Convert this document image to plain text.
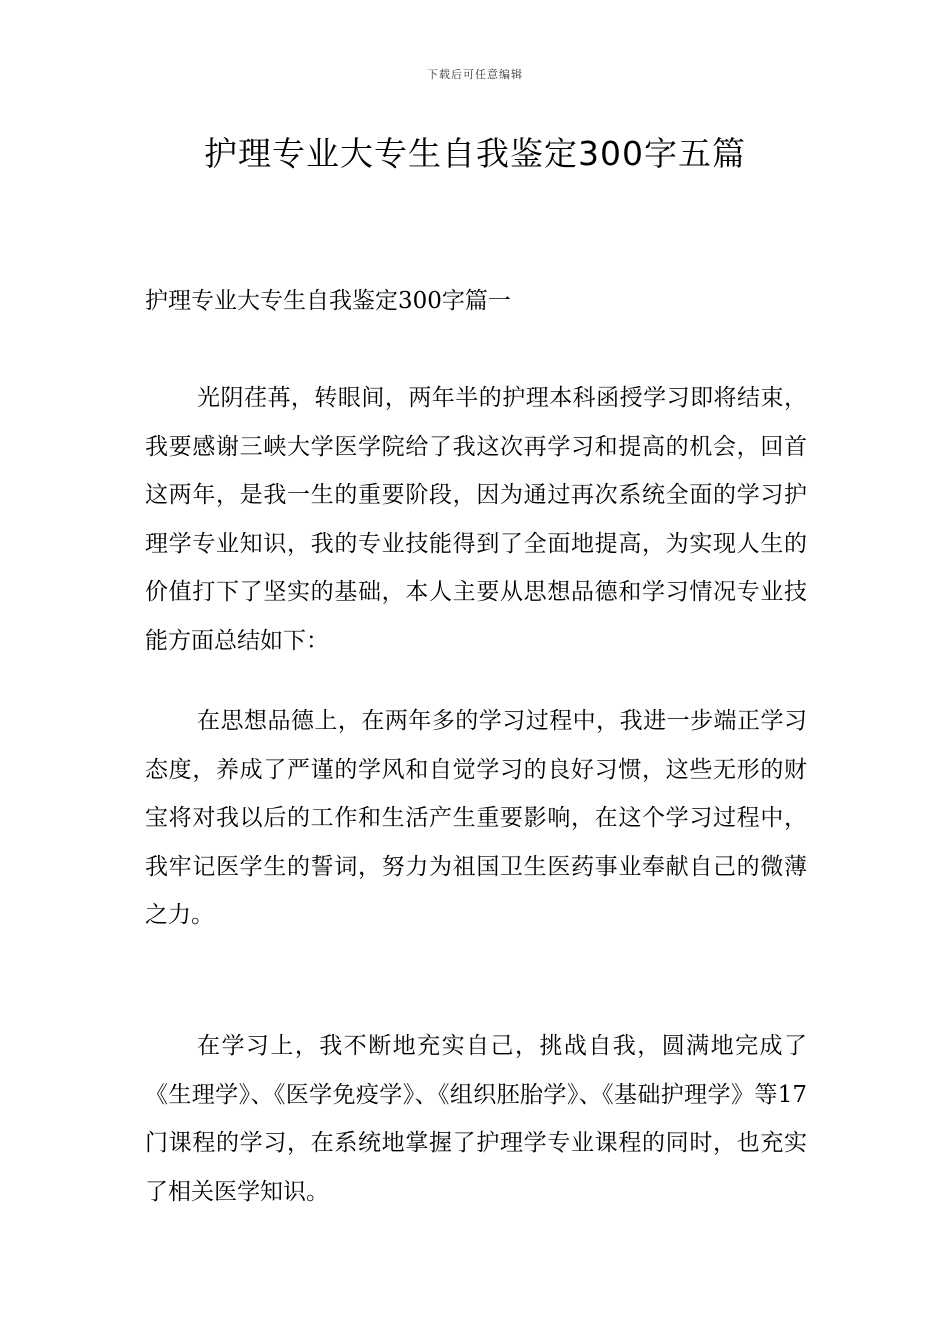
下载后可任意编辑
护理专业大专生自我鉴定300字五篇
护理专业大专生自我鉴定300字篇一

光阴荏苒，转眼间，两年半的护理本科函授学习即将结束，我要感谢三峡大学医学院给了我这次再学习和提高的机会，回首这两年，是我一生的重要阶段，因为通过再次系统全面的学习护理学专业知识，我的专业技能得到了全面地提高，为实现人生的价值打下了坚实的基础，本人主要从思想品德和学习情况专业技能方面总结如下：

在思想品德上，在两年多的学习过程中，我进一步端正学习态度，养成了严谨的学风和自觉学习的良好习惯，这些无形的财宝将对我以后的工作和生活产生重要影响，在这个学习过程中，我牢记医学生的誓词，努力为祖国卫生医药事业奉献自己的微薄之力。

在学习上，我不断地充实自己，挑战自我，圆满地完成了《生理学》、《医学免疫学》、《组织胚胎学》、《基础护理学》等17门课程的学习，在系统地掌握了护理学专业课程的同时，也充实了相关医学知识。
